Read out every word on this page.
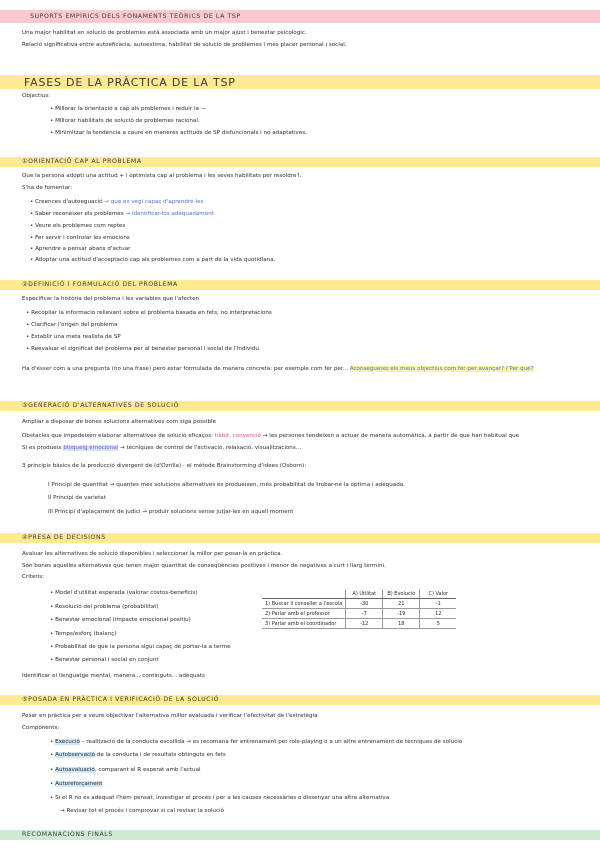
SUPORTS EMPÍRICS DELS FONAMENTS TEÒRICS DE LA TSP
Una major habilitat en solució de problemes està associada amb un major ajust i benestar psicològic.
Relació significativa entre autoeficàcia, autoestima, habilitat de solució de problemes i més placer personal i social.
FASES DE LA PRÀCTICA DE LA TSP
Objectius:
• Millorar la orientació a cap als problemes i reduir la —
• Millorar habilitats de solució de problemes racional.
• Minimitzar la tendència a caure en maneres actituds de SP disfuncionals i no adaptatives.
①ORIENTACIÓ CAP AL PROBLEMA
Que la persona adopti una actitud + i optimista cap al problema i les seves habilitats per resoldre'l.
S'ha de fomentar:
• Creences d'autoeguació → que es vegi capaç d'aprendre-les
• Saber reconèixer els problemes → identificar-los adequadament
• Veure els problemes com reptes
• Fer servir i controlar les emocions
• Aprendre a pensar abans d'actuar
• Adoptar una actitud d'acceptació cap als problemes com a part de la vida quotidiana.
②DEFINICIÓ I FORMULACIÓ DEL PROBLEMA
Especificar la història del problema i les variables que l'afecten
• Recopilar la informació rellevant sobre el problema basada en fets, no interpretacions
• Clarificar l'origen del problema
• Establir una meta realista de SP
• Reevaluar el significat del problema per al benestar personal i social de l'individu
Ha d'ésser com a una pregunta (no una frase) però estar formulada de manera concreta: per exemple com fer per... Aconsegueixo els meus objectius com fer per avançar? / Per què?
③GENERACIÓ D'ALTERNATIVES DE SOLUCIÓ
Ampliar a disposar de bones solucions alternatives com siga possible
Obstacles que impedeixen elaborar alternatives de solució eficaços: hàbit, convenció → les persones tendeixen a actuar de manera automàtica, a partir de que han habitual que
Si es produeix bloqueig emocional → tècniques de control de l'activació, relaxació, visualitzacions...
3 principis bàsics de la producció divergent de (d'Ozrilla) - el mètode Brainstorming d'idees (Osborn):
I Principi de quantitat → quantes més solucions alternatives es produeixen, més probabilitat de trobar-ne la òptima i adequada.
II Principi de varietat
III Principi d'aplaçament de judici → produir solucions sense jutjar-les en aquell moment
④PRESA DE DECISIONS
Avaluar les alternatives de solució disponibles i seleccionar la millor per posar-la en pràctica.
Són bones aquelles alternatives que tenen major quantitat de conseqüències positives i menor de negatives a curt i llarg termini.
Criteris:
• Model d'utilitat esperada (valorar costos-beneficis)
• Resolució del problema (probabilitat)
• Benestar emocional (impacte emocional positiu)
• Temps/esforç (balanç)
• Probabilitat de que la persona sigui capaç de portar-la a terme
• Benestar personal i social en conjunt
Identificar el llenguatge mental, manera... continguts... adequats
	A) Utilitat	B) Evolució	C) Valor
1) Buscar li conseller a l'escola	-30	21	-1
2) Parlar amb el professor	-7	-19	12
3) Parlar amb el coordinador	-12	18	5
⑤POSADA EN PRÀCTICA I VERIFICACIÓ DE LA SOLUCIÓ
Posar en pràctica per a veure objectivar l'alternativa millor avaluada i verificar l'efectivitat de l'estratègia
Components:
• Execució – realització de la conducta escollida → es recomana fer entrenament per role-playing o a un altre entrenament de tècniques de solució
• Autobservació de la conducta i de resultats obtinguts en fets
• Autoavaluació, comparant el R esperat amb l'actual
• Autoreforçament
• Si el R no és adequat l'hem pensat, investigar el procés i per a les causes necessàries o dissenyar una altra alternativa
→ Revisar tot el procés i comprovar si cal revisar la solució
RECOMANACIONS FINALS
